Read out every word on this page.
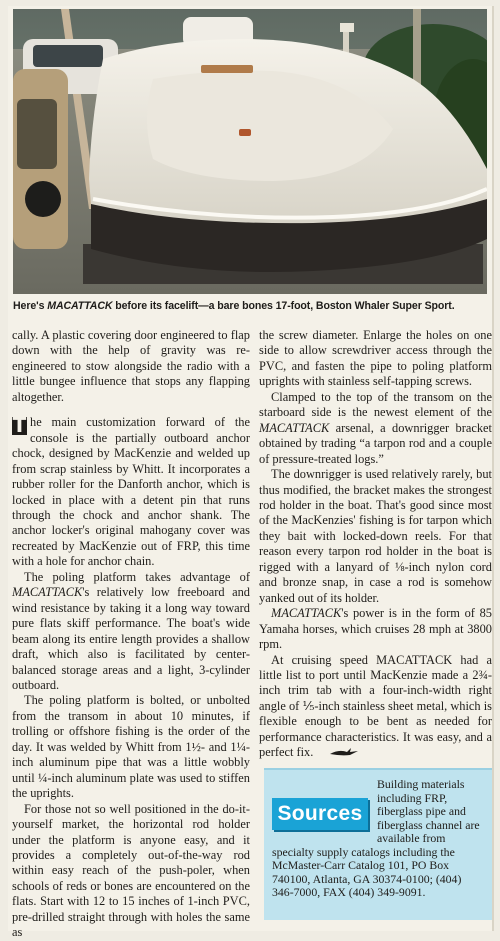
Here's MACATTACK before its facelift—a bare bones 17-foot, Boston Whaler Super Sport.

cally. A plastic covering door engineered to flap down with the help of gravity was re-engineered to stow alongside the radio with a little bungee influence that stops any flapping altogether.

T he main customization forward of the console is the partially outboard anchor chock, designed by MacKenzie and welded up from scrap stainless by Whitt. It incorporates a rubber roller for the Danforth anchor, which is locked in place with a detent pin that runs through the chock and anchor shank. The anchor locker's original mahogany cover was recreated by MacKenzie out of FRP, this time with a hole for anchor chain.

The poling platform takes advantage of MACATTACK's relatively low freeboard and wind resistance by taking it a long way toward pure flats skiff performance. The boat's wide beam along its entire length provides a shallow draft, which also is facilitated by center-balanced storage areas and a light, 3-cylinder outboard.

The poling platform is bolted, or unbolted from the transom in about 10 minutes, if trolling or offshore fishing is the order of the day. It was welded by Whitt from 1½- and 1¼-inch aluminum pipe that was a little wobbly until ¼-inch aluminum plate was used to stiffen the uprights.

For those not so well positioned in the do-it-yourself market, the horizontal rod holder under the platform is anyone easy, and it provides a completely out-of-the-way rod within easy reach of the push-poler, when schools of reds or bones are encountered on the flats. Start with 12 to 15 inches of 1-inch PVC, pre-drilled straight through with holes the same as

the screw diameter. Enlarge the holes on one side to allow screwdriver access through the PVC, and fasten the pipe to poling platform uprights with stainless self-tapping screws.

Clamped to the top of the transom on the starboard side is the newest element of the MACATTACK arsenal, a downrigger bracket obtained by trading “a tarpon rod and a couple of pressure-treated logs.”

The downrigger is used relatively rarely, but thus modified, the bracket makes the strongest rod holder in the boat. That's good since most of the MacKenzies' fishing is for tarpon which they bait with locked-down reels. For that reason every tarpon rod holder in the boat is rigged with a lanyard of ⅛-inch nylon cord and bronze snap, in case a rod is somehow yanked out of its holder.

MACATTACK's power is in the form of 85 Yamaha horses, which cruises 28 mph at 3800 rpm.

At cruising speed MACATTACK had a little list to port until MacKenzie made a 2¾-inch trim tab with a four-inch-width right angle of ⅕-inch stainless sheet metal, which is flexible enough to be bent as needed for performance characteristics. It was easy, and a perfect fix.

Building materials including FRP, fiberglass pipe and fiberglass channel are available from
specialty supply catalogs including the McMaster-Carr Catalog 101, PO Box 740100, Atlanta, GA 30374-0100; (404) 346-7000, FAX (404) 349-9091.
Sources
